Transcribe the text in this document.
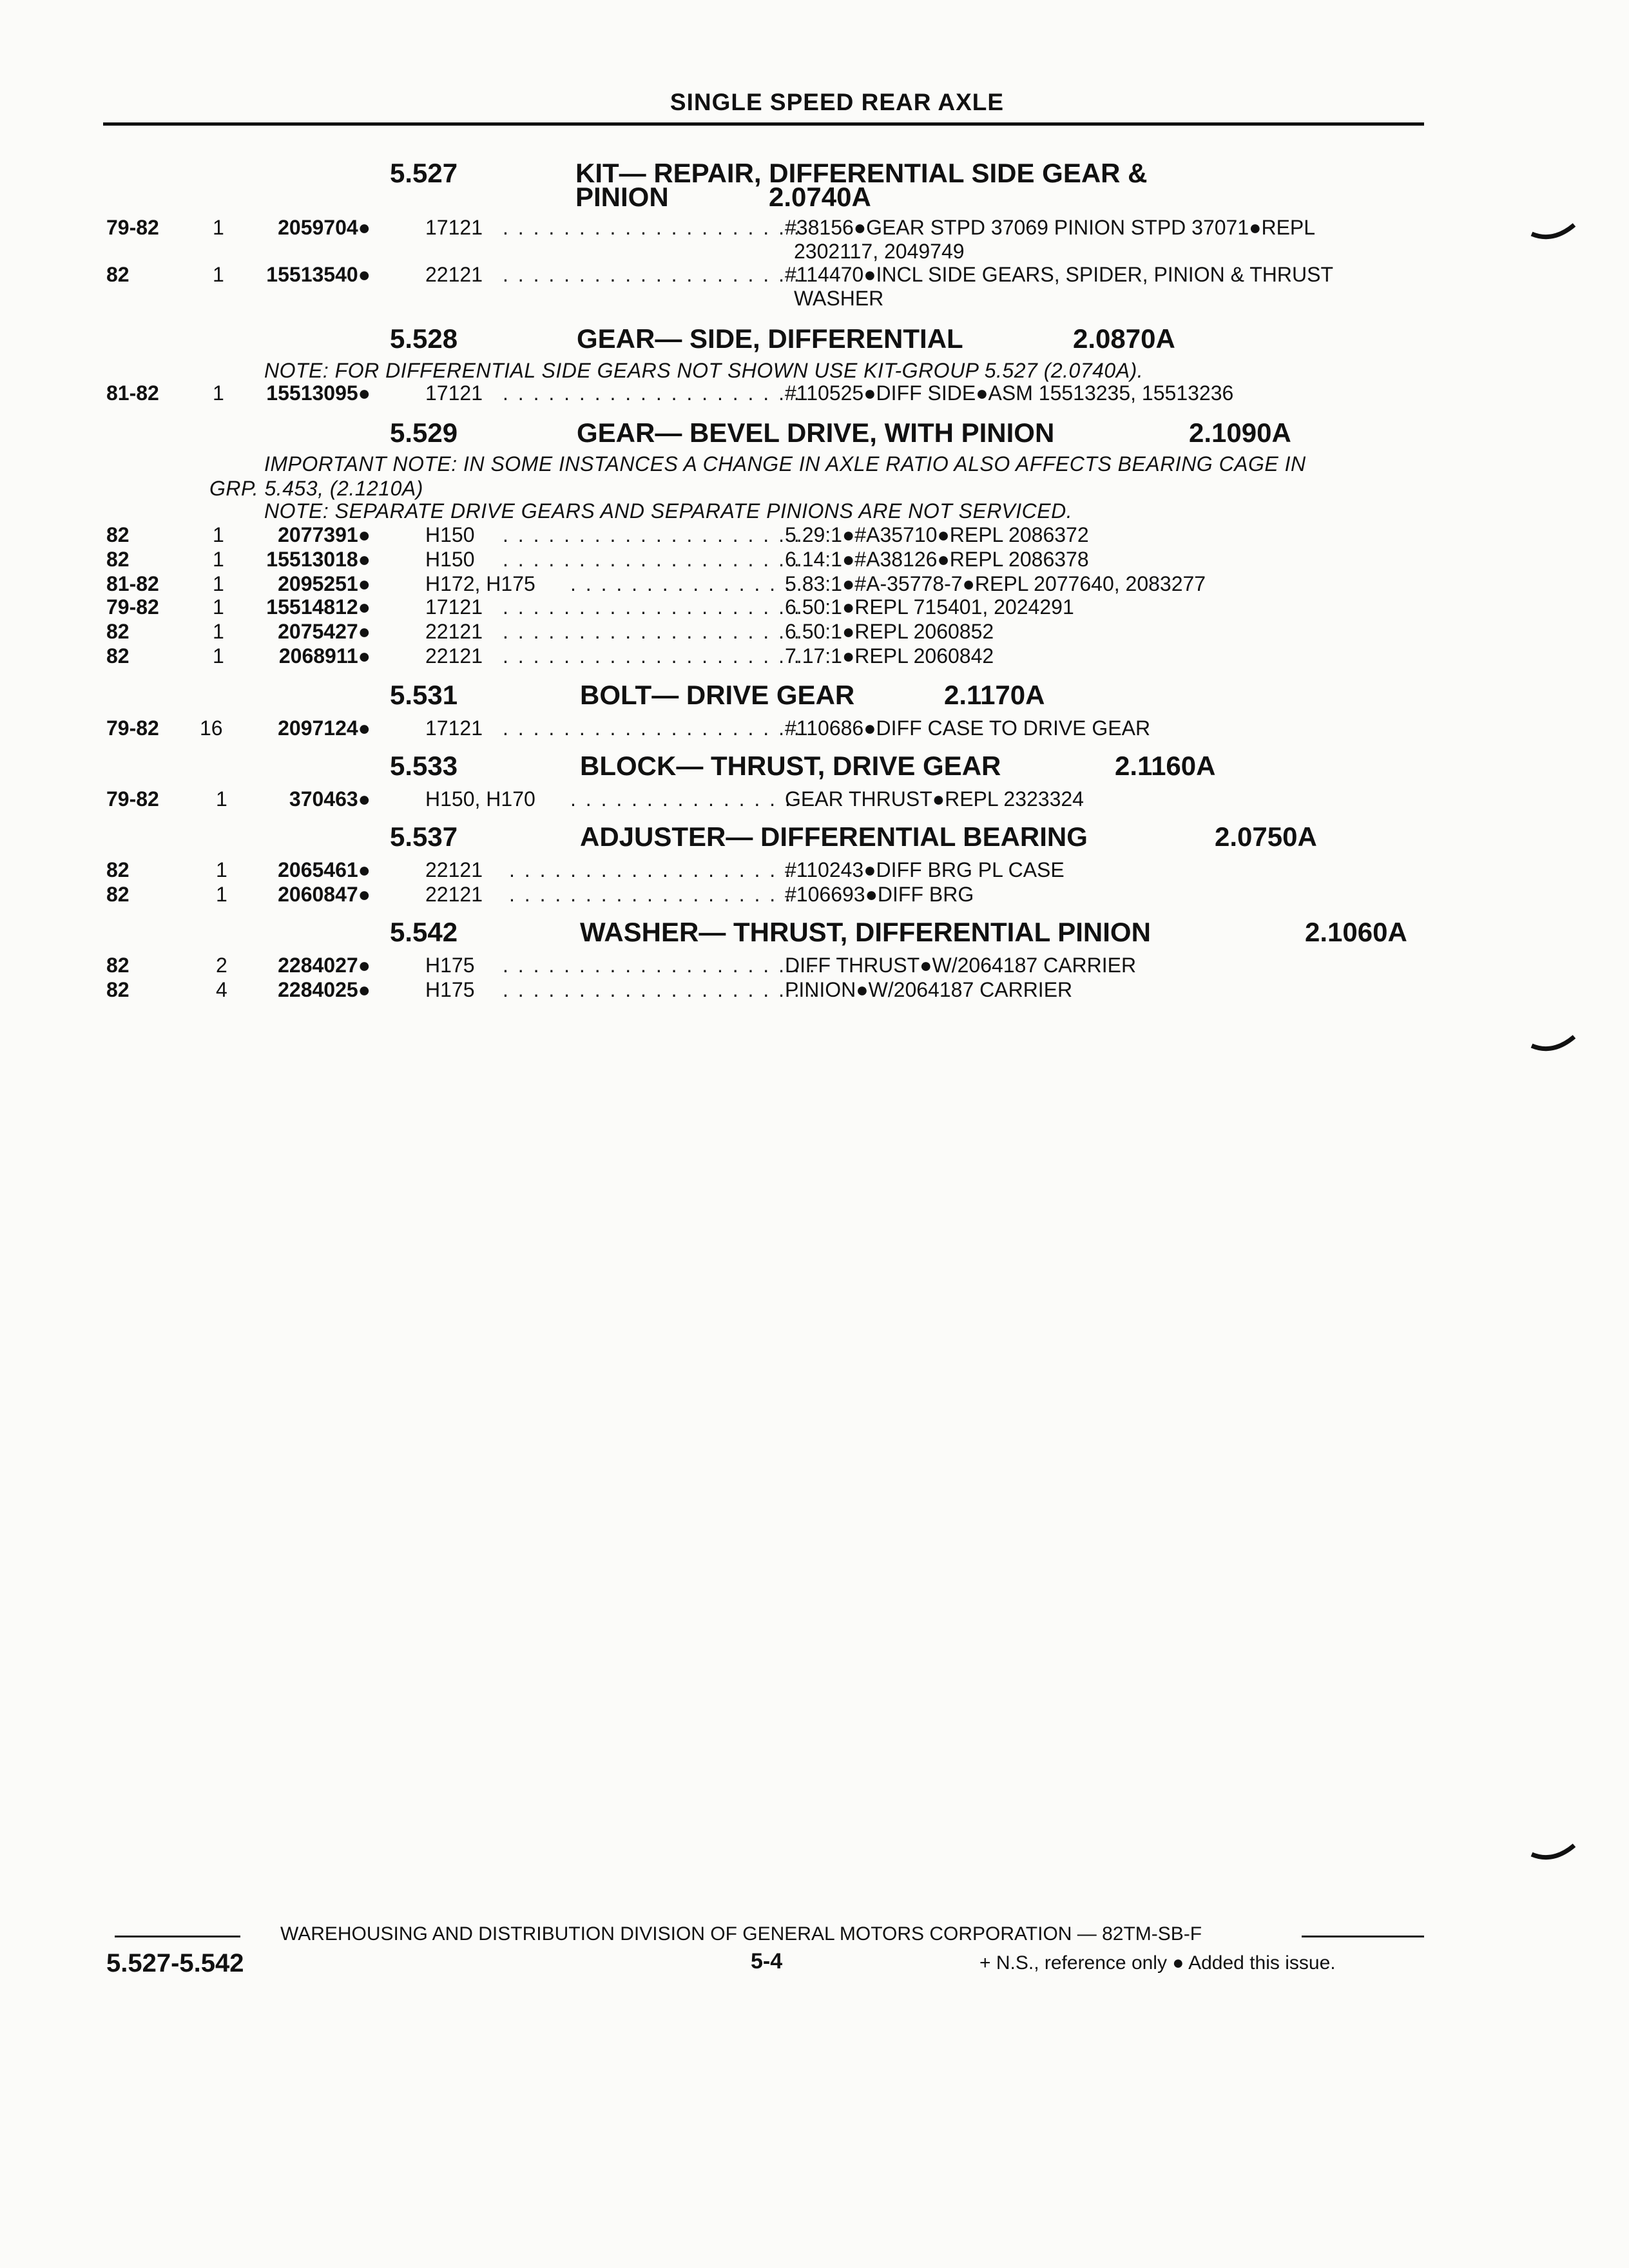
SINGLE SPEED REAR AXLE
5.527	KIT— REPAIR, DIFFERENTIAL SIDE GEAR &
PINION	2.0740A
79-82	1	2059704●	17121 . . . . . . . . . . . . . . . . . . . .
#38156●GEAR STPD 37069 PINION STPD 37071●REPL
2302117, 2049749
82	1 15513540●	22121 . . . . . . . . . . . . . . . . . . . .
#114470●INCL SIDE GEARS, SPIDER, PINION & THRUST
WASHER
5.528	GEAR— SIDE, DIFFERENTIAL	2.0870A
NOTE: FOR DIFFERENTIAL SIDE GEARS NOT SHOWN USE KIT-GROUP 5.527 (2.0740A).
81-82	1 15513095●	17121 . . . . . . . . . . . . . . . . . . . .
#110525●DIFF SIDE●ASM 15513235, 15513236
5.529	GEAR— BEVEL DRIVE, WITH PINION	2.1090A
IMPORTANT NOTE: IN SOME INSTANCES A CHANGE IN AXLE RATIO ALSO AFFECTS BEARING CAGE IN
GRP. 5.453, (2.1210A)
NOTE: SEPARATE DRIVE GEARS AND SEPARATE PINIONS ARE NOT SERVICED.
82	1	2077391●	H150 . . . . . . . . . . . . . . . . . . . .
5.29:1●#A35710●REPL 2086372
82	1 15513018●	H150 . . . . . . . . . . . . . . . . . . . .
6.14:1●#A38126●REPL 2086378
81-82	1	2095251●	H172, H175 . . . . . . . . . . . . . . .
5.83:1●#A-35778-7●REPL 2077640, 2083277
79-82	1 15514812●	17121 . . . . . . . . . . . . . . . . . . . .
6.50:1●REPL 715401, 2024291
82	1	2075427●	22121 . . . . . . . . . . . . . . . . . . . .
6.50:1●REPL 2060852
82	1	2068911●	22121 . . . . . . . . . . . . . . . . . . . .
7.17:1●REPL 2060842
5.531	BOLT— DRIVE GEAR	2.1170A
79-82 16	2097124●	17121 . . . . . . . . . . . . . . . . . . . .
#110686●DIFF CASE TO DRIVE GEAR
5.533	BLOCK— THRUST, DRIVE GEAR	2.1160A
79-82	1	370463●	H150, H170 . . . . . . . . . . . . . . .
GEAR THRUST●REPL 2323324
5.537	ADJUSTER— DIFFERENTIAL BEARING	2.0750A
82	1 2065461●	22121 . . . . . . . . . . . . . . . . . . . .
#110243●DIFF BRG PL CASE
82	1 2060847●	22121 . . . . . . . . . . . . . . . . . . . .
#106693●DIFF BRG
5.542	WASHER— THRUST, DIFFERENTIAL PINION	2.1060A
82	2 2284027●	H175 . . . . . . . . . . . . . . . . . . . . .
DIFF THRUST●W/2064187 CARRIER
82	4 2284025●	H175 . . . . . . . . . . . . . . . . . . . . .
PINION●W/2064187 CARRIER
WAREHOUSING AND DISTRIBUTION DIVISION OF GENERAL MOTORS CORPORATION — 82TM-SB-F
5.527-5.542	5-4	+ N.S., reference only ● Added this issue.
